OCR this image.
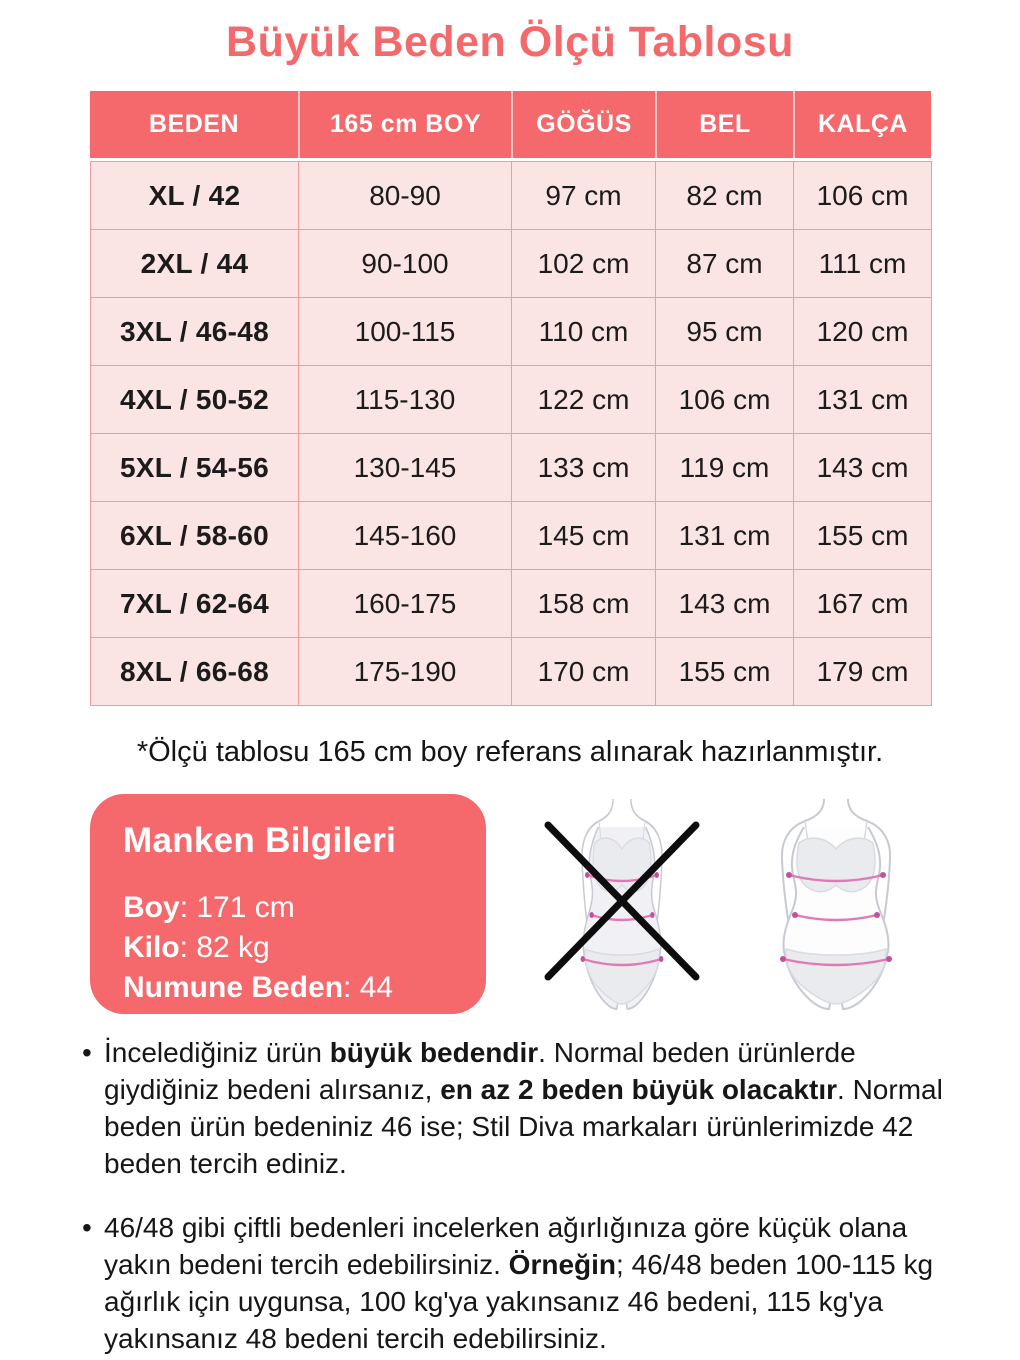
Büyük Beden Ölçü Tablosu
BEDEN	165 cm BOY	GÖĞÜS	BEL	KALÇA
XL / 42	80-90	97 cm	82 cm	106 cm
2XL / 44	90-100	102 cm	87 cm	111 cm
3XL / 46-48	100-115	110 cm	95 cm	120 cm
4XL / 50-52	115-130	122 cm	106 cm	131 cm
5XL / 54-56	130-145	133 cm	119 cm	143 cm
6XL / 58-60	145-160	145 cm	131 cm	155 cm
7XL / 62-64	160-175	158 cm	143 cm	167 cm
8XL / 66-68	175-190	170 cm	155 cm	179 cm

*Ölçü tablosu 165 cm boy referans alınarak hazırlanmıştır.

Manken Bilgileri
Boy: 171 cm
Kilo: 82 kg
Numune Beden: 44
• İncelediğiniz ürün büyük bedendir. Normal beden ürünlerde giydiğiniz bedeni alırsanız, en az 2 beden büyük olacaktır. Normal beden ürün bedeniniz 46 ise; Stil Diva markaları ürünlerimizde 42 beden tercih ediniz.
• 46/48 gibi çiftli bedenleri incelerken ağırlığınıza göre küçük olana yakın bedeni tercih edebilirsiniz. Örneğin; 46/48 beden 100-115 kg ağırlık için uygunsa, 100 kg'ya yakınsanız 46 bedeni, 115 kg'ya yakınsanız 48 bedeni tercih edebilirsiniz.
